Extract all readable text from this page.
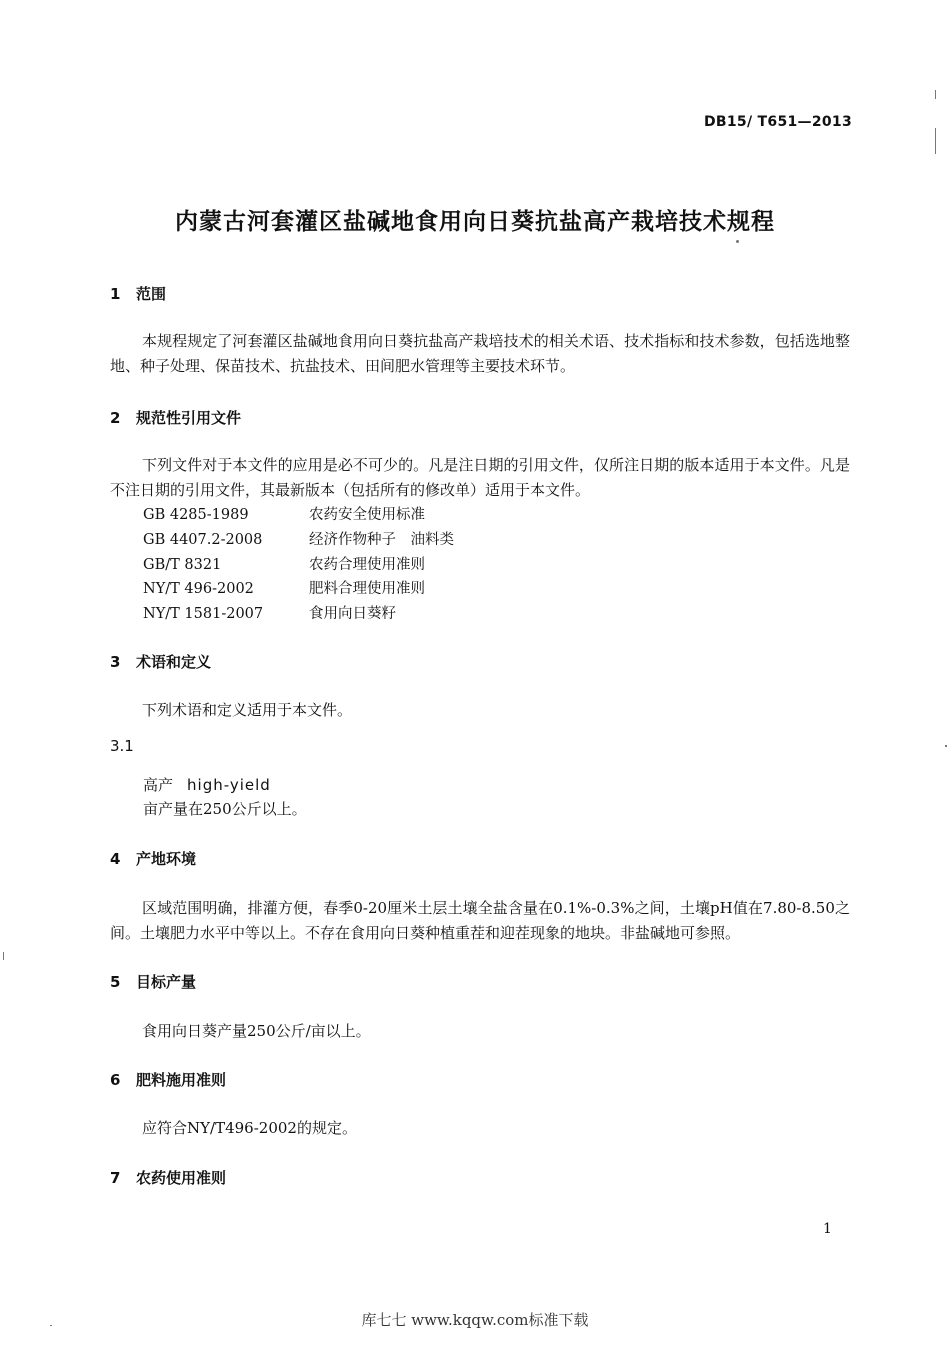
DB15/ T651—2013
内蒙古河套灌区盐碱地食用向日葵抗盐高产栽培技术规程
1 范围
本规程规定了河套灌区盐碱地食用向日葵抗盐高产栽培技术的相关术语、技术指标和技术参数，包括选地整地、种子处理、保苗技术、抗盐技术、田间肥水管理等主要技术环节。
2 规范性引用文件
下列文件对于本文件的应用是必不可少的。凡是注日期的引用文件，仅所注日期的版本适用于本文件。凡是不注日期的引用文件，其最新版本（包括所有的修改单）适用于本文件。
GB 4285-1989	农药安全使用标准
GB 4407.2-2008	经济作物种子　油料类
GB/T 8321	农药合理使用准则
NY/T 496-2002	肥料合理使用准则
NY/T 1581-2007	食用向日葵籽
3 术语和定义
下列术语和定义适用于本文件。
3.1
高产 high-yield
亩产量在250公斤以上。
4 产地环境
区域范围明确，排灌方便，春季0-20厘米土层土壤全盐含量在0.1%-0.3%之间，土壤pH值在7.80-8.50之间。土壤肥力水平中等以上。不存在食用向日葵种植重茬和迎茬现象的地块。非盐碱地可参照。
5 目标产量
食用向日葵产量250公斤/亩以上。
6 肥料施用准则
应符合NY/T496-2002的规定。
7 农药使用准则
1
库七七 www.kqqw.com标准下载
